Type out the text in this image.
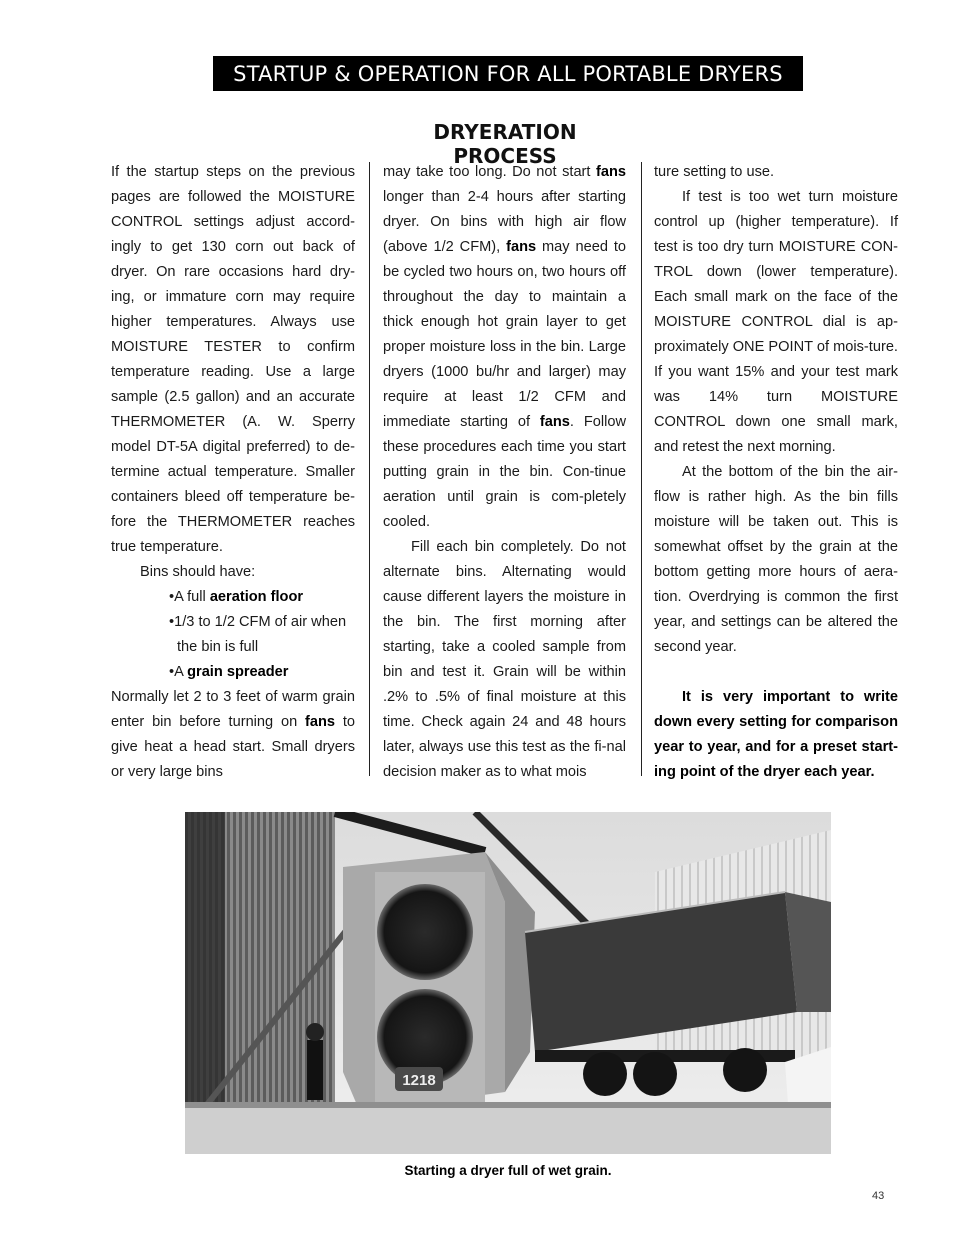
STARTUP & OPERATION FOR ALL PORTABLE DRYERS
DRYERATION PROCESS

If the startup steps on the previous pages are followed the MOISTURE CONTROL settings adjust accord-ingly to get 130 corn out back of dryer. On rare occasions hard dry-ing, or immature corn may require higher temperatures. Always use MOISTURE TESTER to confirm temperature reading. Use a large sample (2.5 gallon) and an accurate THERMOMETER (A. W. Sperry model DT-5A digital preferred) to de-termine actual temperature. Smaller containers bleed off temperature be-fore the THERMOMETER reaches true temperature.

Bins should have:

•A full aeration floor

•1/3 to 1/2 CFM of air when

the bin is full

•A grain spreader

Normally let 2 to 3 feet of warm grain enter bin before turning on fans to give heat a head start. Small dryers or very large bins

may take too long. Do not start fans longer than 2-4 hours after starting dryer. On bins with high air flow (above 1/2 CFM), fans may need to be cycled two hours on, two hours off throughout the day to maintain a thick enough hot grain layer to get proper moisture loss in the bin. Large dryers (1000 bu/hr and larger) may require at least 1/2 CFM and immediate starting of fans. Follow these procedures each time you start putting grain in the bin. Con-tinue aeration until grain is com-pletely cooled.

Fill each bin completely. Do not alternate bins. Alternating would cause different layers the moisture in the bin. The first morning after starting, take a cooled sample from bin and test it. Grain will be within .2% to .5% of final moisture at this time. Check again 24 and 48 hours later, always use this test as the fi-nal decision maker as to what mois

ture setting to use.

If test is too wet turn moisture control up (higher temperature). If test is too dry turn MOISTURE CON-TROL down (lower temperature). Each small mark on the face of the MOISTURE CONTROL dial is ap-proximately ONE POINT of mois-ture. If you want 15% and your test mark was 14% turn MOISTURE CONTROL down one small mark, and retest the next morning.

At the bottom of the bin the air-flow is rather high. As the bin fills moisture will be taken out. This is somewhat offset by the grain at the bottom getting more hours of aera-tion. Overdrying is common the first year, and settings can be altered the second year.

It is very important to write down every setting for comparison year to year, and for a preset start-ing point of the dryer each year.

1218
Starting a dryer full of wet grain.
43
